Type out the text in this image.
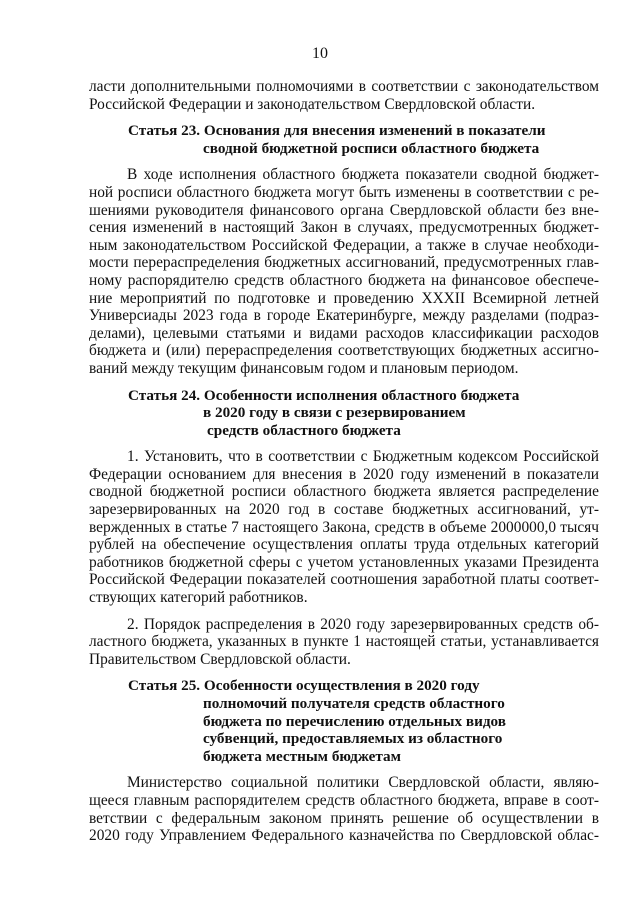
10
ласти дополнительными полномочиями в соответствии с законодательством
Российской Федерации и законодательством Свердловской области.
Статья 23. Основания для внесения изменений в показатели
сводной бюджетной росписи областного бюджета
В ходе исполнения областного бюджета показатели сводной бюджет-
ной росписи областного бюджета могут быть изменены в соответствии с ре-
шениями руководителя финансового органа Свердловской области без вне-
сения изменений в настоящий Закон в случаях, предусмотренных бюджет-
ным законодательством Российской Федерации, а также в случае необходи-
мости перераспределения бюджетных ассигнований, предусмотренных глав-
ному распорядителю средств областного бюджета на финансовое обеспече-
ние мероприятий по подготовке и проведению XXXII Всемирной летней
Универсиады 2023 года в городе Екатеринбурге, между разделами (подраз-
делами), целевыми статьями и видами расходов классификации расходов
бюджета и (или) перераспределения соответствующих бюджетных ассигно-
ваний между текущим финансовым годом и плановым периодом.
Статья 24. Особенности исполнения областного бюджета
в 2020 году в связи с резервированием
средств областного бюджета
1. Установить, что в соответствии с Бюджетным кодексом Российской
Федерации основанием для внесения в 2020 году изменений в показатели
сводной бюджетной росписи областного бюджета является распределение
зарезервированных на 2020 год в составе бюджетных ассигнований, ут-
вержденных в статье 7 настоящего Закона, средств в объеме 2000000,0 тысяч
рублей на обеспечение осуществления оплаты труда отдельных категорий
работников бюджетной сферы с учетом установленных указами Президента
Российской Федерации показателей соотношения заработной платы соответ-
ствующих категорий работников.
2. Порядок распределения в 2020 году зарезервированных средств об-
ластного бюджета, указанных в пункте 1 настоящей статьи, устанавливается
Правительством Свердловской области.
Статья 25. Особенности осуществления в 2020 году
полномочий получателя средств областного
бюджета по перечислению отдельных видов
субвенций, предоставляемых из областного
бюджета местным бюджетам
Министерство социальной политики Свердловской области, являю-
щееся главным распорядителем средств областного бюджета, вправе в соот-
ветствии с федеральным законом принять решение об осуществлении в
2020 году Управлением Федерального казначейства по Свердловской облас-
